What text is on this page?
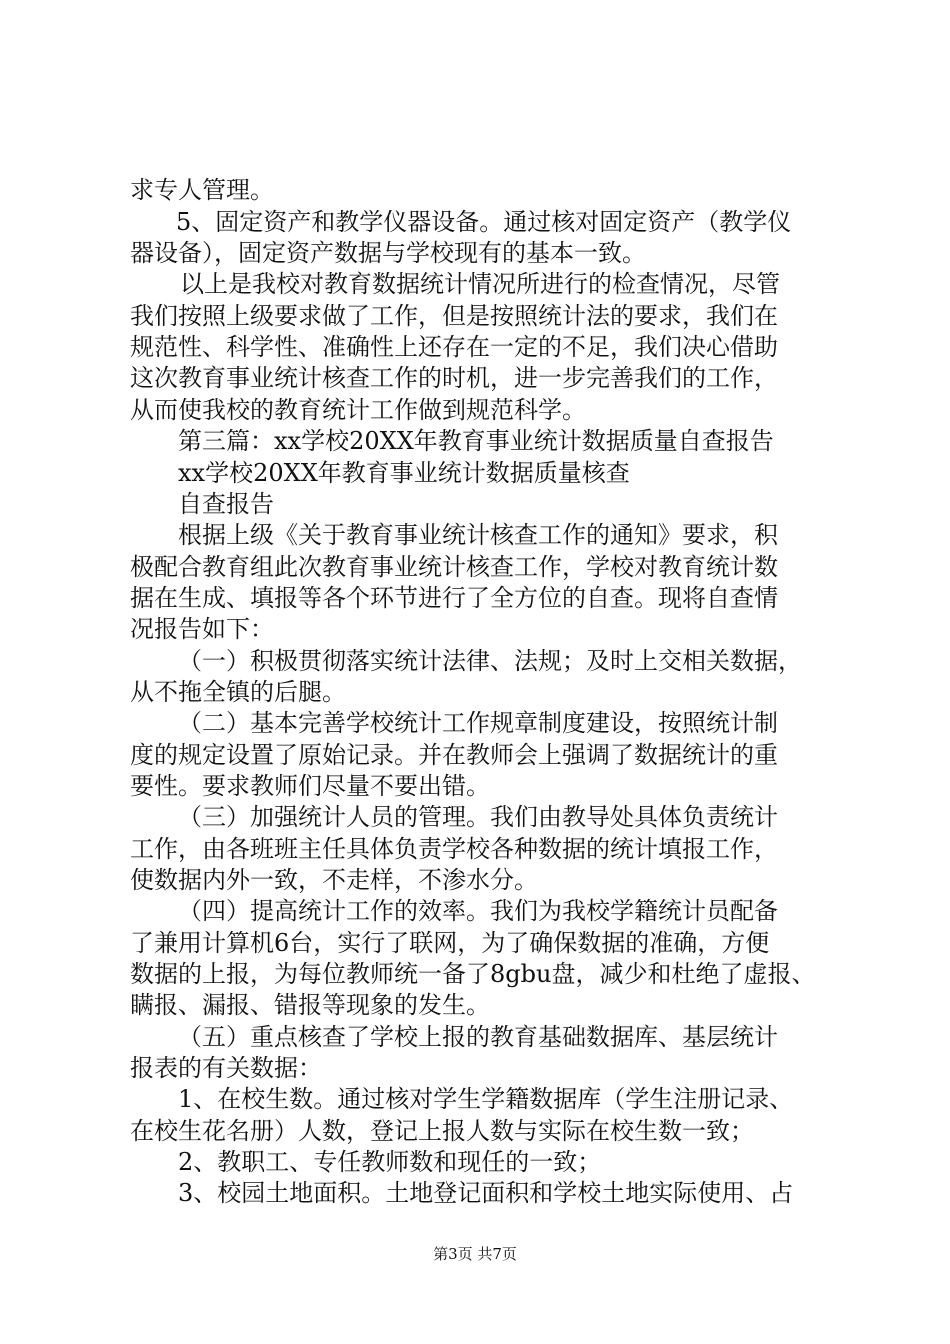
求专人管理。
5、固定资产和教学仪器设备。通过核对固定资产（教学仪
器设备），固定资产数据与学校现有的基本一致。
以上是我校对教育数据统计情况所进行的检查情况，尽管
我们按照上级要求做了工作，但是按照统计法的要求，我们在
规范性、科学性、准确性上还存在一定的不足，我们决心借助
这次教育事业统计核查工作的时机，进一步完善我们的工作，
从而使我校的教育统计工作做到规范科学。
第三篇：xx学校20XX年教育事业统计数据质量自查报告
xx学校20XX年教育事业统计数据质量核查
自查报告
根据上级《关于教育事业统计核查工作的通知》要求，积
极配合教育组此次教育事业统计核查工作，学校对教育统计数
据在生成、填报等各个环节进行了全方位的自查。现将自查情
况报告如下：
（一）积极贯彻落实统计法律、法规；及时上交相关数据，
从不拖全镇的后腿。
（二）基本完善学校统计工作规章制度建设，按照统计制
度的规定设置了原始记录。并在教师会上强调了数据统计的重
要性。要求教师们尽量不要出错。
（三）加强统计人员的管理。我们由教导处具体负责统计
工作，由各班班主任具体负责学校各种数据的统计填报工作，
使数据内外一致，不走样，不渗水分。
（四）提高统计工作的效率。我们为我校学籍统计员配备
了兼用计算机6台，实行了联网，为了确保数据的准确，方便
数据的上报，为每位教师统一备了8gbu盘，减少和杜绝了虚报、
瞒报、漏报、错报等现象的发生。
（五）重点核查了学校上报的教育基础数据库、基层统计
报表的有关数据：
1、在校生数。通过核对学生学籍数据库（学生注册记录、
在校生花名册）人数，登记上报人数与实际在校生数一致；
2、教职工、专任教师数和现任的一致；
3、校园土地面积。土地登记面积和学校土地实际使用、占
第3页 共7页
